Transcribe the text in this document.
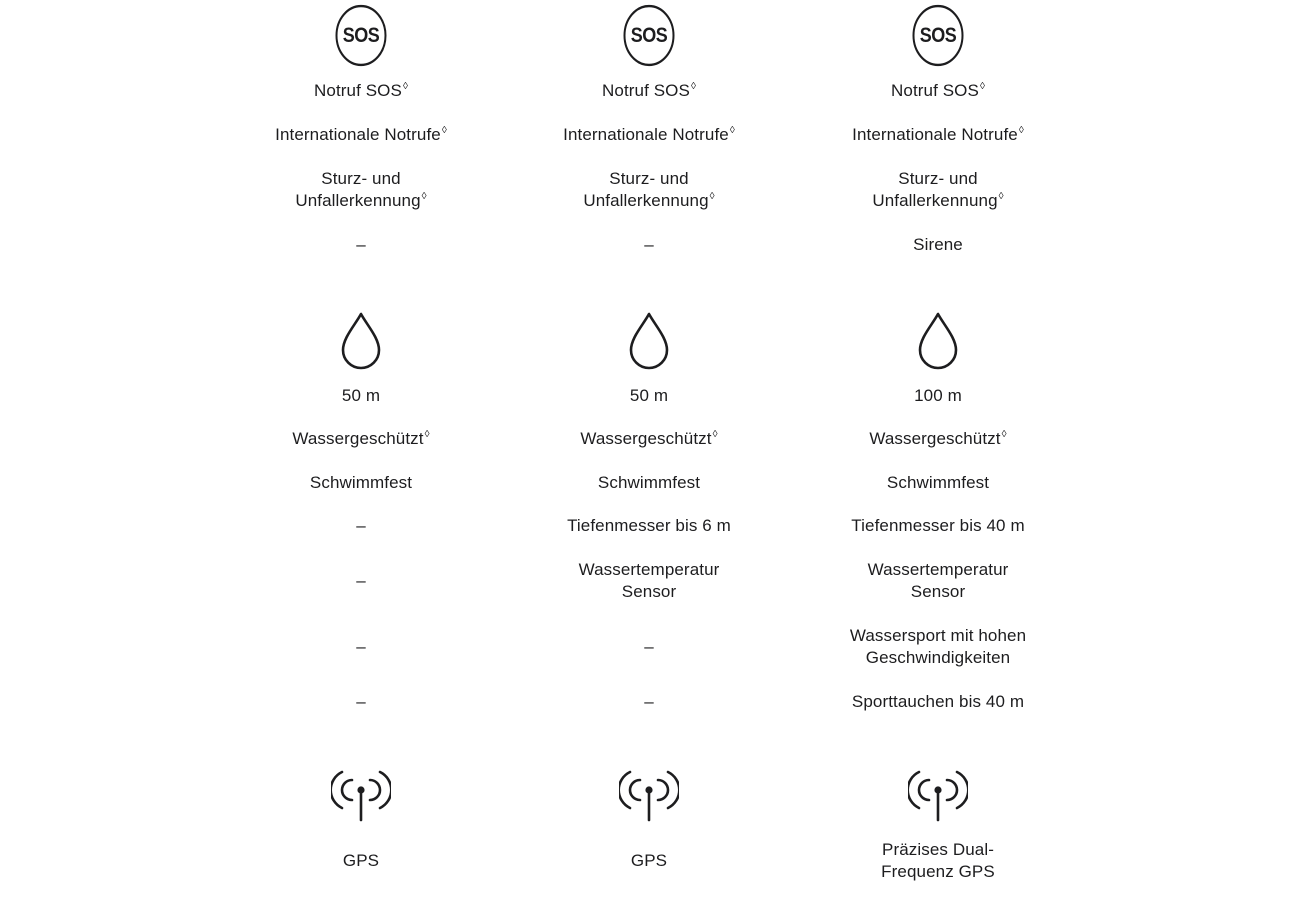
SOS
Notruf SOS◊
Internationale Notrufe◊
Sturz- und
Unfallerkennung◊
–
50 m
Wassergeschützt◊
Schwimmfest
–
–
–
–
GPS
SOS
Notruf SOS◊
Internationale Notrufe◊
Sturz- und
Unfallerkennung◊
–
50 m
Wassergeschützt◊
Schwimmfest
Tiefenmesser bis 6 m
Wassertemperatur
Sensor
–
–
GPS
SOS
Notruf SOS◊
Internationale Notrufe◊
Sturz- und
Unfallerkennung◊
Sirene
100 m
Wassergeschützt◊
Schwimmfest
Tiefenmesser bis 40 m
Wassertemperatur
Sensor
Wassersport mit hohen
Geschwindigkeiten
Sporttauchen bis 40 m
Präzises Dual-
Frequenz GPS
